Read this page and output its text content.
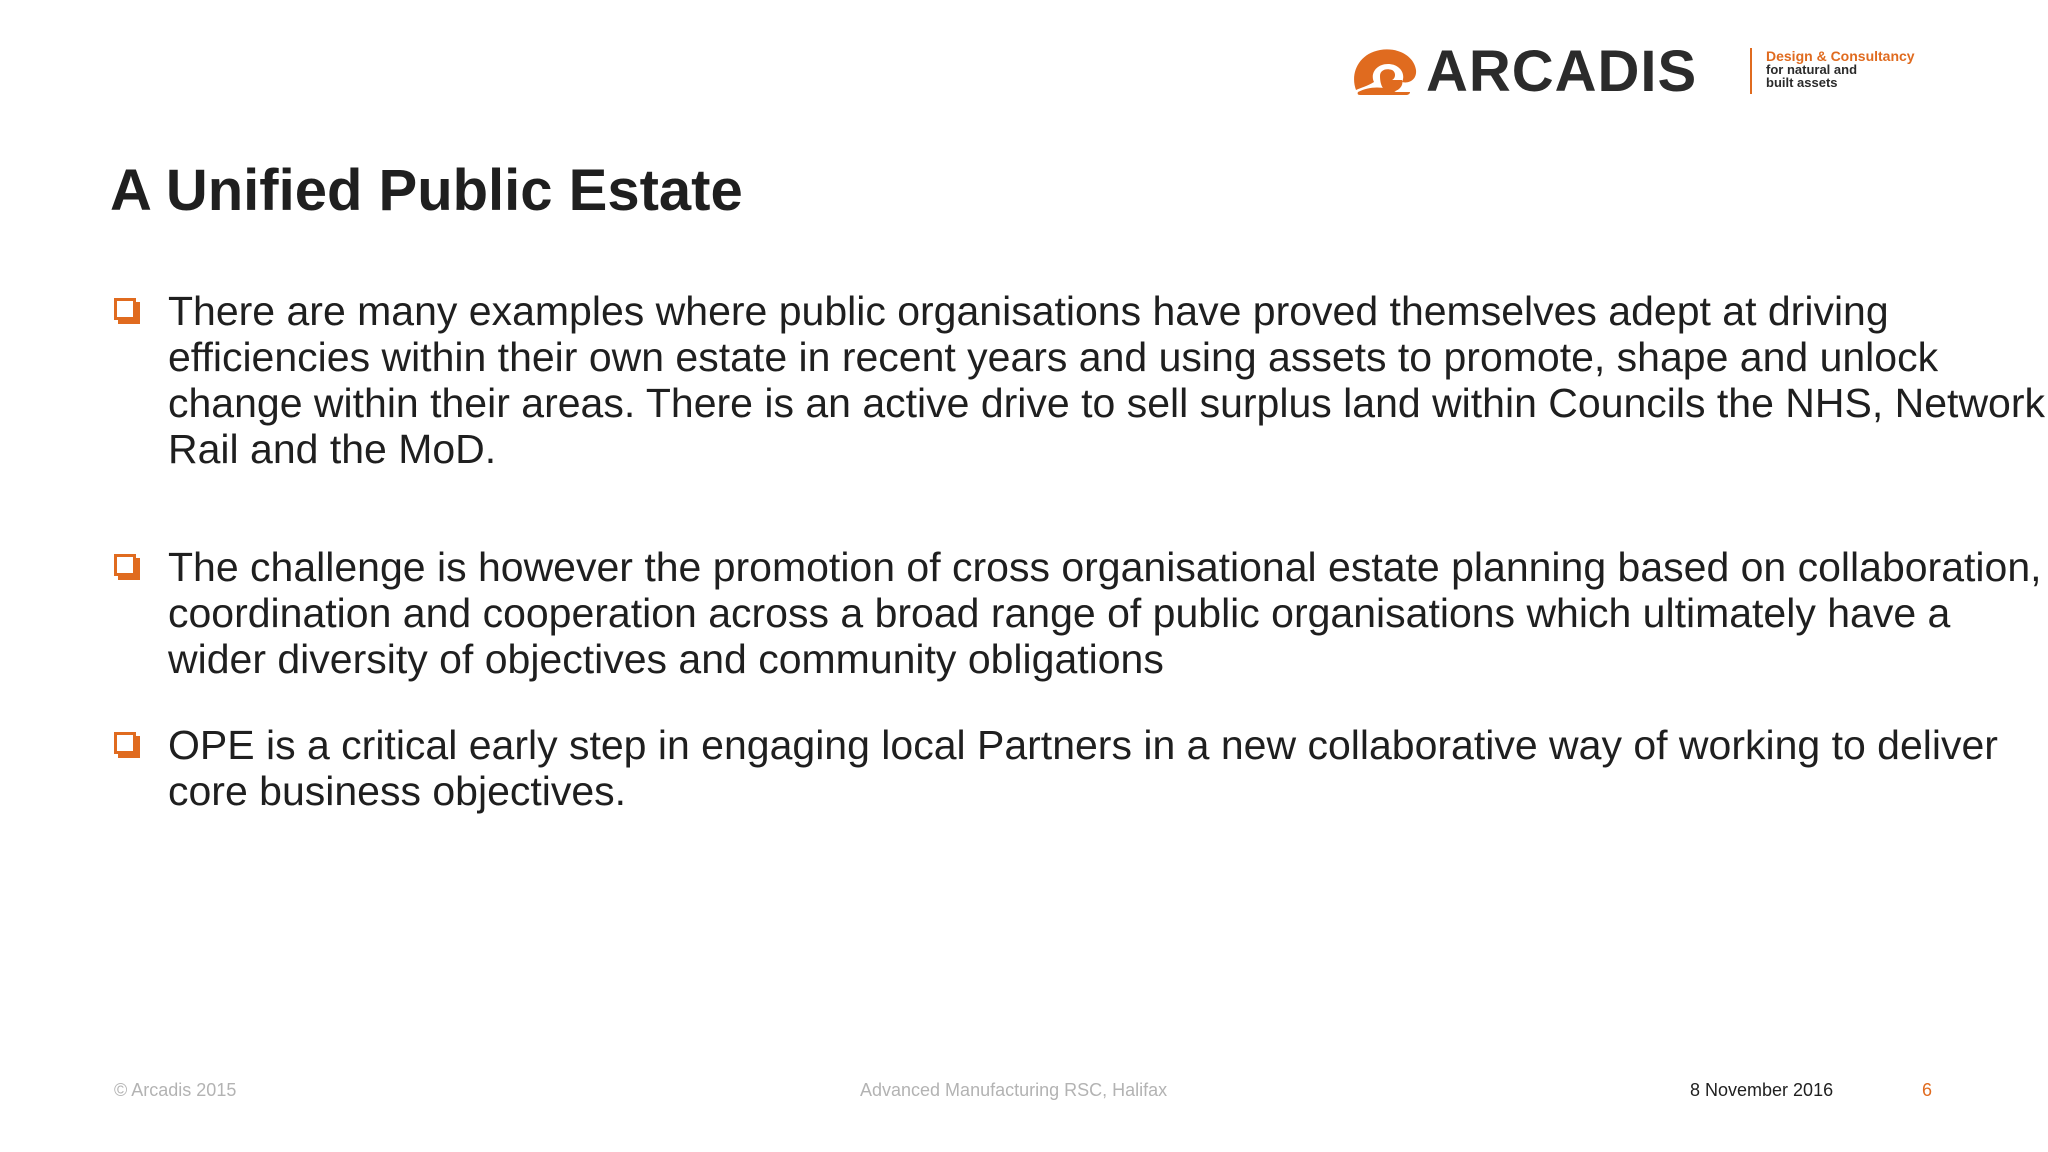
ARCADIS	Design & Consultancy
for natural and
built assets
A Unified Public Estate

There are many examples where public organisations have proved themselves adept at driving efficiencies within their own estate in recent years and using assets to promote, shape and unlock change within their areas. There is an active drive to sell surplus land within Councils the NHS, Network Rail and the MoD.

The challenge is however the promotion of cross organisational estate planning based on collaboration, coordination and cooperation across a broad range of public organisations which ultimately have a wider diversity of objectives and community obligations

OPE is a critical early step in engaging local Partners in a new collaborative way of working to deliver core business objectives.

© Arcadis 2015	Advanced Manufacturing RSC, Halifax	8 November 2016	6
